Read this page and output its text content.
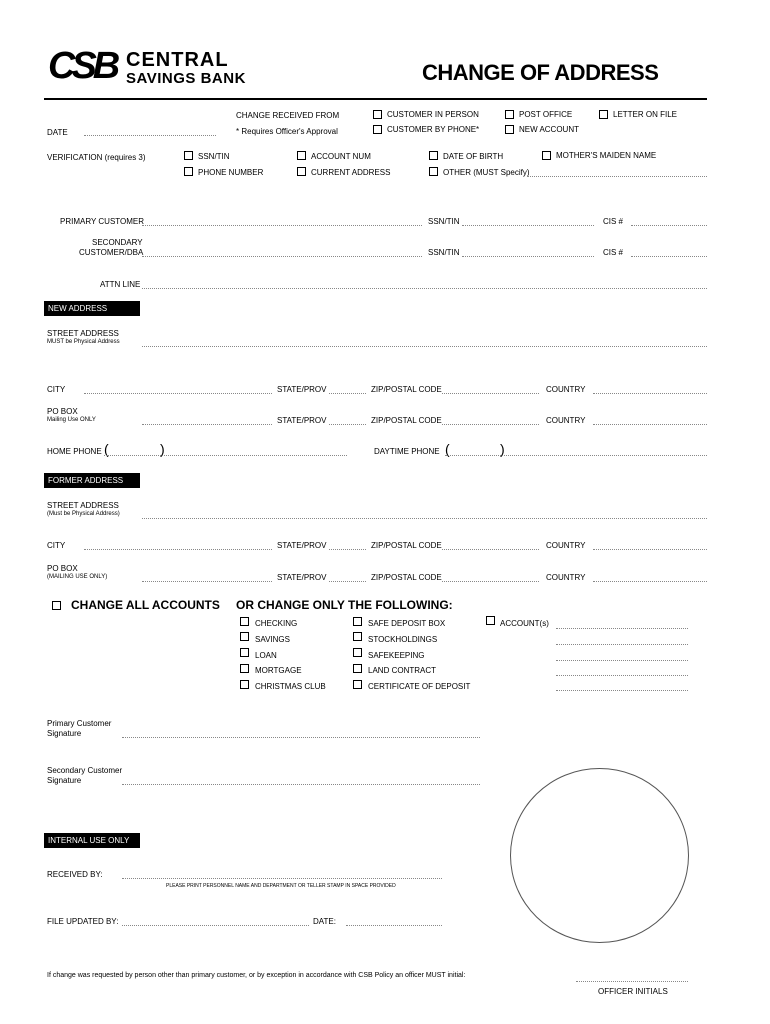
CSB CENTRAL
SAVINGS BANK	CHANGE OF ADDRESS
CHANGE RECEIVED FROM
* Requires Officer's Approval
CUSTOMER IN PERSON
CUSTOMER BY PHONE*
POST OFFICE
NEW ACCOUNT
LETTER ON FILE
DATE
VERIFICATION (requires 3)	SSN/TIN	ACCOUNT NUM	DATE OF BIRTH	MOTHER'S MAIDEN NAME
PHONE NUMBER	CURRENT ADDRESS	OTHER (MUST Specify)
PRIMARY CUSTOMER	SSN/TIN	CIS #
SECONDARY
CUSTOMER/DBA	SSN/TIN	CIS #
ATTN LINE
NEW ADDRESS
STREET ADDRESS
MUST be Physical Address
CITY	STATE/PROV	ZIP/POSTAL CODE	COUNTRY
PO BOX
Mailing Use ONLY	STATE/PROV	ZIP/POSTAL CODE	COUNTRY
HOME PHONE (	)	DAYTIME PHONE (	)
FORMER ADDRESS
STREET ADDRESS
(Must be Physical Address)
CITY	STATE/PROV	ZIP/POSTAL CODE	COUNTRY
PO BOX
(MAILING USE ONLY)	STATE/PROV	ZIP/POSTAL CODE	COUNTRY
CHANGE ALL ACCOUNTS OR CHANGE ONLY THE FOLLOWING:
CHECKING
SAVINGS
LOAN
MORTGAGE
CHRISTMAS CLUB
SAFE DEPOSIT BOX
STOCKHOLDINGS
SAFEKEEPING
LAND CONTRACT
CERTIFICATE OF DEPOSIT
ACCOUNT(s)
Primary Customer
Signature
Secondary Customer
Signature
INTERNAL USE ONLY
RECEIVED BY:
PLEASE PRINT PERSONNEL NAME AND DEPARTMENT OR TELLER STAMP IN SPACE PROVIDED
FILE UPDATED BY:	DATE:
If change was requested by person other than primary customer, or by exception in accordance with CSB Policy an officer MUST initial:
OFFICER INITIALS
